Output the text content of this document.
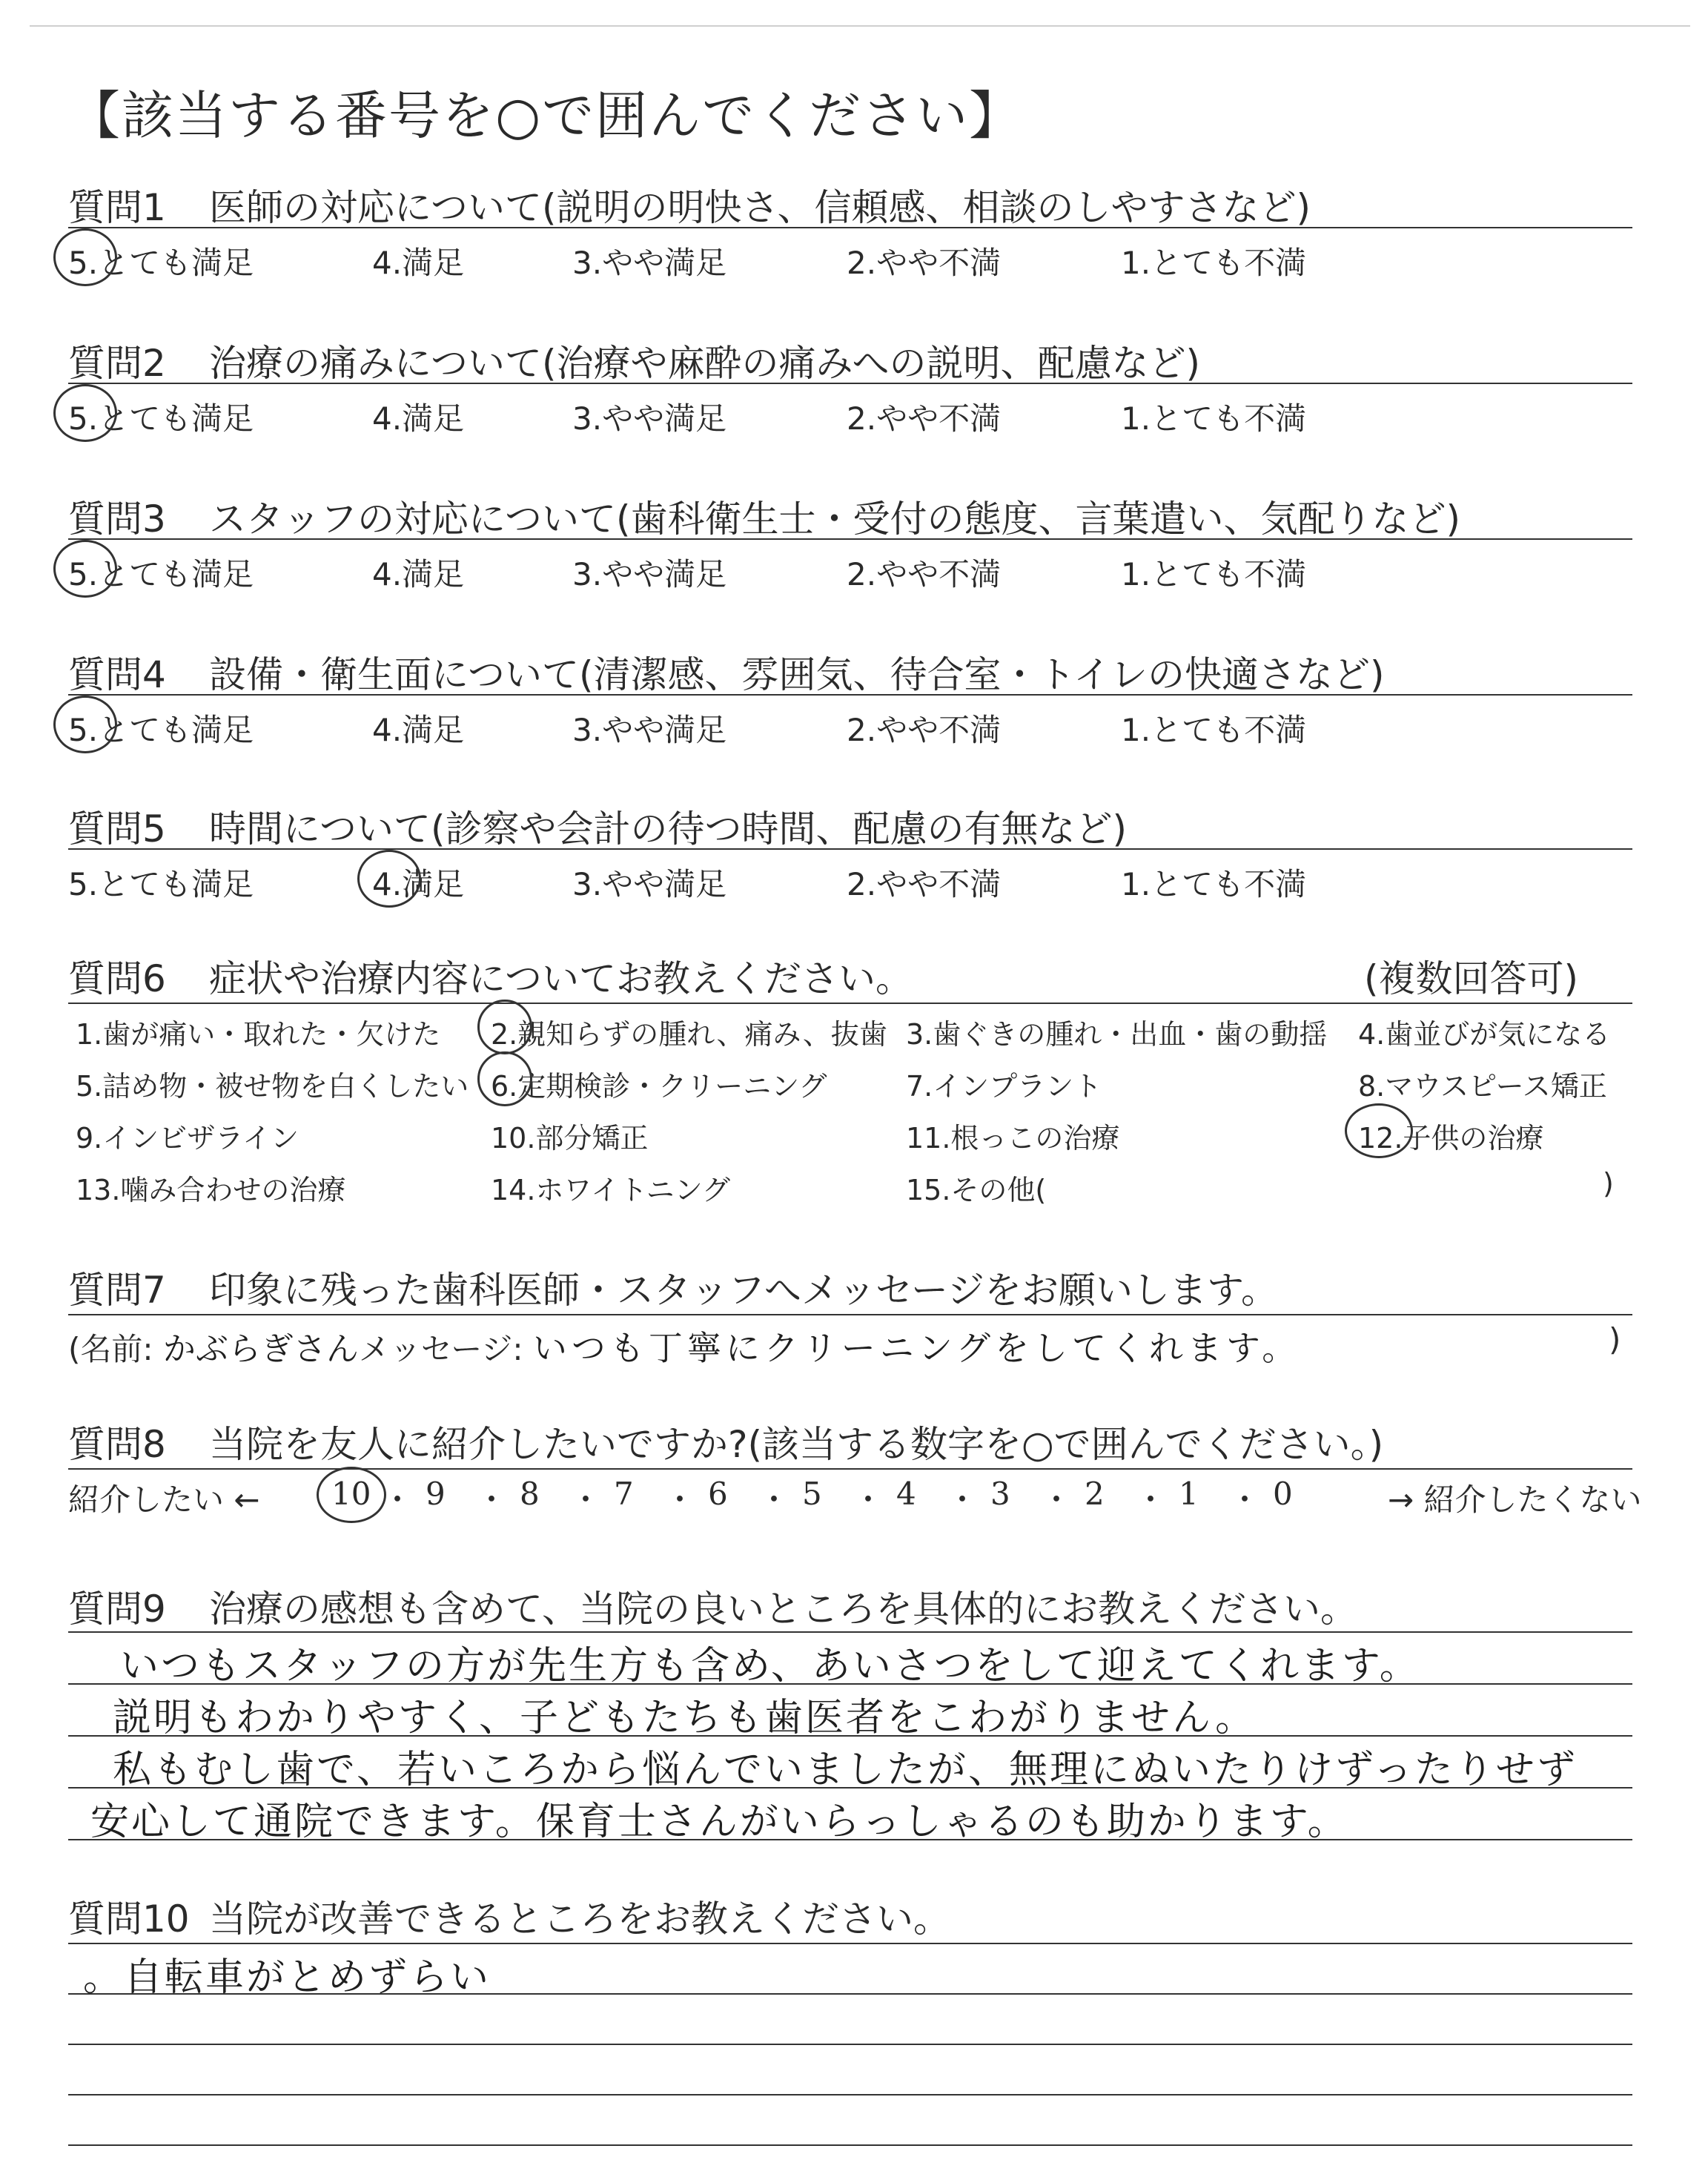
【該当する番号を○で囲んでください】
質問1 医師の対応について(説明の明快さ、信頼感、相談のしやすさなど)
5.とても満足	4.満足	3.やや満足	2.やや不満	1.とても不満
質問2 治療の痛みについて(治療や麻酔の痛みへの説明、配慮など)
5.とても満足	4.満足	3.やや満足	2.やや不満	1.とても不満
質問3 スタッフの対応について(歯科衛生士・受付の態度、言葉遣い、気配りなど)
5.とても満足	4.満足	3.やや満足	2.やや不満	1.とても不満
質問4 設備・衛生面について(清潔感、雰囲気、待合室・トイレの快適さなど)
5.とても満足	4.満足	3.やや満足	2.やや不満	1.とても不満
質問5 時間について(診察や会計の待つ時間、配慮の有無など)
5.とても満足	4.満足	3.やや満足	2.やや不満	1.とても不満
質問6 症状や治療内容についてお教えください。	(複数回答可)
1.歯が痛い・取れた・欠けた 2.親知らずの腫れ、痛み、抜歯 3.歯ぐきの腫れ・出血・歯の動揺 4.歯並びが気になる
5.詰め物・被せ物を白くしたい 6.定期検診・クリーニング	7.インプラント	8.マウスピース矯正
9.インビザライン	10.部分矯正	11.根っこの治療	12.子供の治療
13.噛み合わせの治療	14.ホワイトニング	15.その他(	)
質問7 印象に残った歯科医師・スタッフへメッセージをお願いします。
(名前: かぶらぎさんメッセージ: いつも丁寧にクリーニングをしてくれます。	)
質問8 当院を友人に紹介したいですか?(該当する数字を○で囲んでください。)
紹介したい ←	→ 紹介したくない
10 ・ 9 ・ 8 ・ 7 ・ 6 ・ 5 ・ 4 ・ 3 ・ 2 ・ 1 ・ 0
質問9 治療の感想も含めて、当院の良いところを具体的にお教えください。
いつもスタッフの方が先生方も含め、あいさつをして迎えてくれます。
説明もわかりやすく、子どもたちも歯医者をこわがりません。
私もむし歯で、若いころから悩んでいましたが、無理にぬいたりけずったりせず
安心して通院できます。保育士さんがいらっしゃるのも助かります。
質問10 当院が改善できるところをお教えください。
。自転車がとめずらい
